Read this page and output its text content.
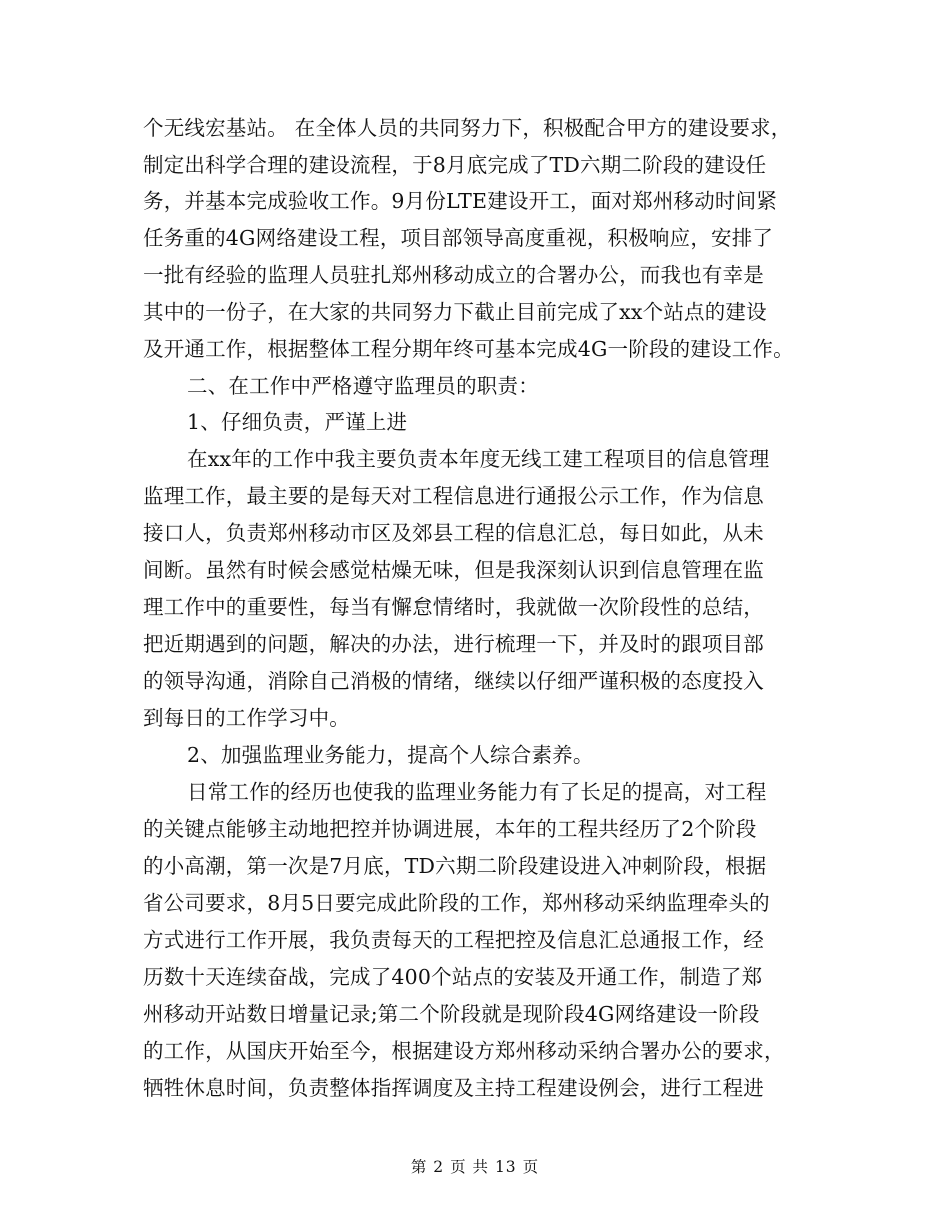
个无线宏基站。 在全体人员的共同努力下，积极配合甲方的建设要求，
制定出科学合理的建设流程，于8月底完成了TD六期二阶段的建设任
务，并基本完成验收工作。9月份LTE建设开工，面对郑州移动时间紧
任务重的4G网络建设工程，项目部领导高度重视，积极响应，安排了
一批有经验的监理人员驻扎郑州移动成立的合署办公，而我也有幸是
其中的一份子，在大家的共同努力下截止目前完成了xx个站点的建设
及开通工作，根据整体工程分期年终可基本完成4G一阶段的建设工作。
二、在工作中严格遵守监理员的职责：
1、仔细负责，严谨上进
在xx年的工作中我主要负责本年度无线工建工程项目的信息管理
监理工作，最主要的是每天对工程信息进行通报公示工作，作为信息
接口人，负责郑州移动市区及郊县工程的信息汇总，每日如此，从未
间断。虽然有时候会感觉枯燥无味，但是我深刻认识到信息管理在监
理工作中的重要性，每当有懈怠情绪时，我就做一次阶段性的总结，
把近期遇到的问题，解决的办法，进行梳理一下，并及时的跟项目部
的领导沟通，消除自己消极的情绪，继续以仔细严谨积极的态度投入
到每日的工作学习中。
2、加强监理业务能力，提高个人综合素养。
日常工作的经历也使我的监理业务能力有了长足的提高，对工程
的关键点能够主动地把控并协调进展，本年的工程共经历了2个阶段
的小高潮，第一次是7月底，TD六期二阶段建设进入冲刺阶段，根据
省公司要求，8月5日要完成此阶段的工作，郑州移动采纳监理牵头的
方式进行工作开展，我负责每天的工程把控及信息汇总通报工作，经
历数十天连续奋战，完成了400个站点的安装及开通工作，制造了郑
州移动开站数日增量记录;第二个阶段就是现阶段4G网络建设一阶段
的工作，从国庆开始至今，根据建设方郑州移动采纳合署办公的要求，
牺牲休息时间，负责整体指挥调度及主持工程建设例会，进行工程进
第 2 页 共 13 页
